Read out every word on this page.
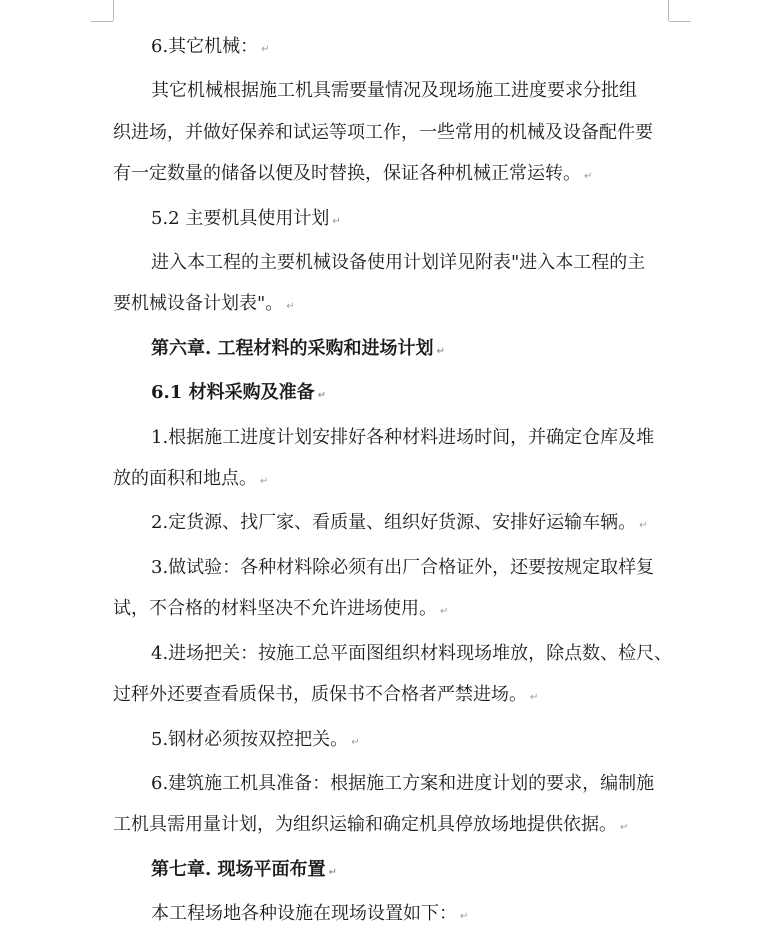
6.其它机械： ↵
其它机械根据施工机具需要量情况及现场施工进度要求分批组
织进场，并做好保养和试运等项工作，一些常用的机械及设备配件要
有一定数量的储备以便及时替换，保证各种机械正常运转。 ↵
5.2 主要机具使用计划 ↵
进入本工程的主要机械设备使用计划详见附表"进入本工程的主
要机械设备计划表"。 ↵
第六章. 工程材料的采购和进场计划 ↵
6.1 材料采购及准备 ↵
1.根据施工进度计划安排好各种材料进场时间，并确定仓库及堆
放的面积和地点。 ↵
2.定货源、找厂家、看质量、组织好货源、安排好运输车辆。 ↵
3.做试验：各种材料除必须有出厂合格证外，还要按规定取样复
试，不合格的材料坚决不允许进场使用。 ↵
4.进场把关：按施工总平面图组织材料现场堆放，除点数、检尺、
过秤外还要查看质保书，质保书不合格者严禁进场。 ↵
5.钢材必须按双控把关。 ↵
6.建筑施工机具准备：根据施工方案和进度计划的要求，编制施
工机具需用量计划，为组织运输和确定机具停放场地提供依据。 ↵
第七章. 现场平面布置 ↵
本工程场地各种设施在现场设置如下： ↵
